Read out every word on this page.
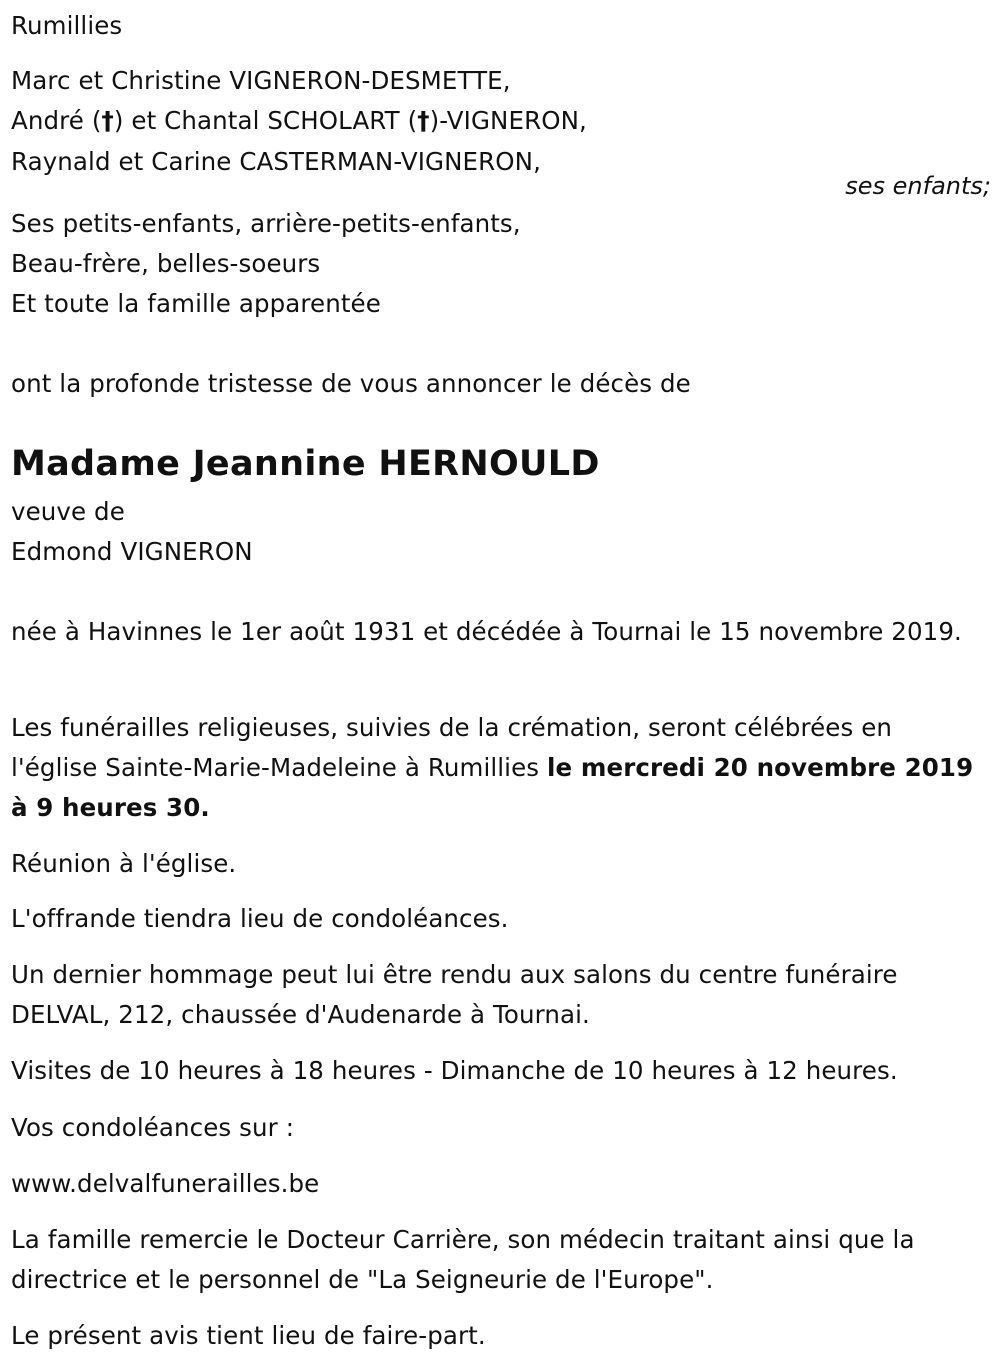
Rumillies
Marc et Christine VIGNERON-DESMETTE,
André (†) et Chantal SCHOLART (†)-VIGNERON,
Raynald et Carine CASTERMAN-VIGNERON,
Ses petits-enfants, arrière-petits-enfants,
Beau-frère, belles-soeurs
Et toute la famille apparentée
ont la profonde tristesse de vous annoncer le décès de
Madame Jeannine HERNOULD
veuve de
Edmond VIGNERON
née à Havinnes le 1er août 1931 et décédée à Tournai le 15 novembre 2019.
Les funérailles religieuses, suivies de la crémation, seront célébrées en l'église Sainte-Marie-Madeleine à Rumillies le mercredi 20 novembre 2019 à 9 heures 30.
Réunion à l'église.
L'offrande tiendra lieu de condoléances.
Un dernier hommage peut lui être rendu aux salons du centre funéraire DELVAL, 212, chaussée d'Audenarde à Tournai.
Visites de 10 heures à 18 heures - Dimanche de 10 heures à 12 heures.
Vos condoléances sur :
www.delvalfunerailles.be
La famille remercie le Docteur Carrière, son médecin traitant ainsi que la directrice et le personnel de "La Seigneurie de l'Europe".
Le présent avis tient lieu de faire-part.
ses enfants;
